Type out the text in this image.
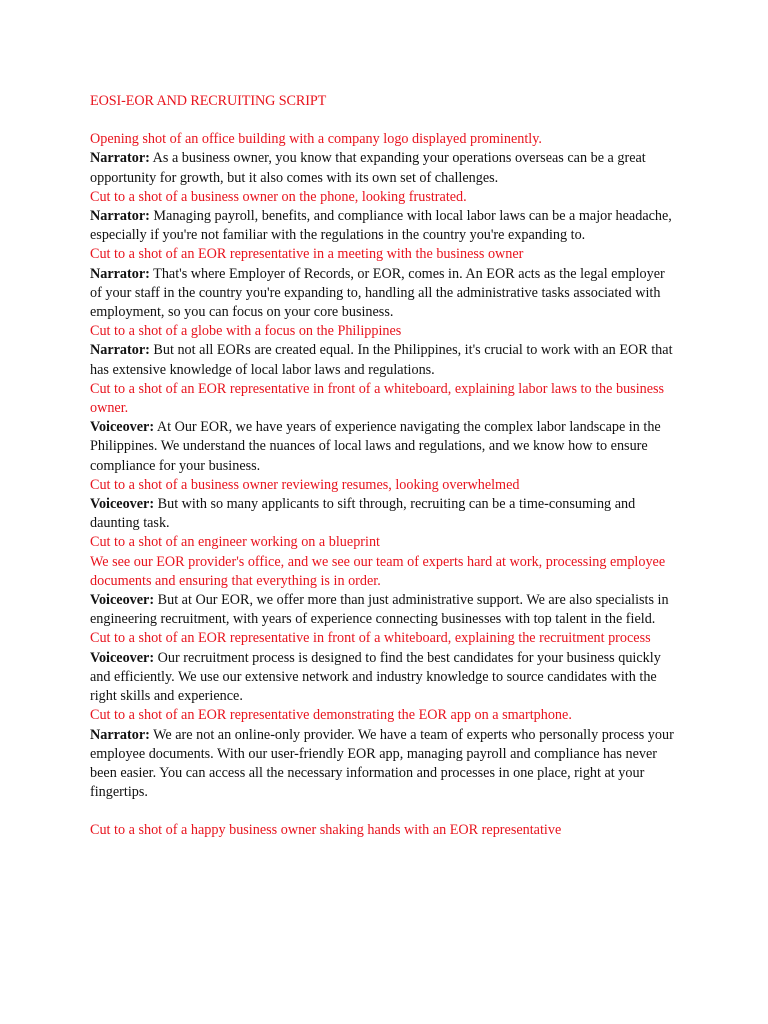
EOSI-EOR AND RECRUITING SCRIPT
Opening shot of an office building with a company logo displayed prominently.
Narrator: As a business owner, you know that expanding your operations overseas can be a great opportunity for growth, but it also comes with its own set of challenges.
Cut to a shot of a business owner on the phone, looking frustrated.
Narrator: Managing payroll, benefits, and compliance with local labor laws can be a major headache, especially if you're not familiar with the regulations in the country you're expanding to.
Cut to a shot of an EOR representative in a meeting with the business owner
Narrator: That's where Employer of Records, or EOR, comes in. An EOR acts as the legal employer of your staff in the country you're expanding to, handling all the administrative tasks associated with employment, so you can focus on your core business.
Cut to a shot of a globe with a focus on the Philippines
Narrator: But not all EORs are created equal. In the Philippines, it's crucial to work with an EOR that has extensive knowledge of local labor laws and regulations.
Cut to a shot of an EOR representative in front of a whiteboard, explaining labor laws to the business owner.
Voiceover: At Our EOR, we have years of experience navigating the complex labor landscape in the Philippines. We understand the nuances of local laws and regulations, and we know how to ensure compliance for your business.
Cut to a shot of a business owner reviewing resumes, looking overwhelmed
Voiceover: But with so many applicants to sift through, recruiting can be a time-consuming and daunting task.
Cut to a shot of an engineer working on a blueprint
We see our EOR provider's office, and we see our team of experts hard at work, processing employee documents and ensuring that everything is in order.
Voiceover: But at Our EOR, we offer more than just administrative support. We are also specialists in engineering recruitment, with years of experience connecting businesses with top talent in the field.
Cut to a shot of an EOR representative in front of a whiteboard, explaining the recruitment process
Voiceover: Our recruitment process is designed to find the best candidates for your business quickly and efficiently. We use our extensive network and industry knowledge to source candidates with the right skills and experience.
Cut to a shot of an EOR representative demonstrating the EOR app on a smartphone.
Narrator: We are not an online-only provider. We have a team of experts who personally process your employee documents. With our user-friendly EOR app, managing payroll and compliance has never been easier. You can access all the necessary information and processes in one place, right at your fingertips.
Cut to a shot of a happy business owner shaking hands with an EOR representative
